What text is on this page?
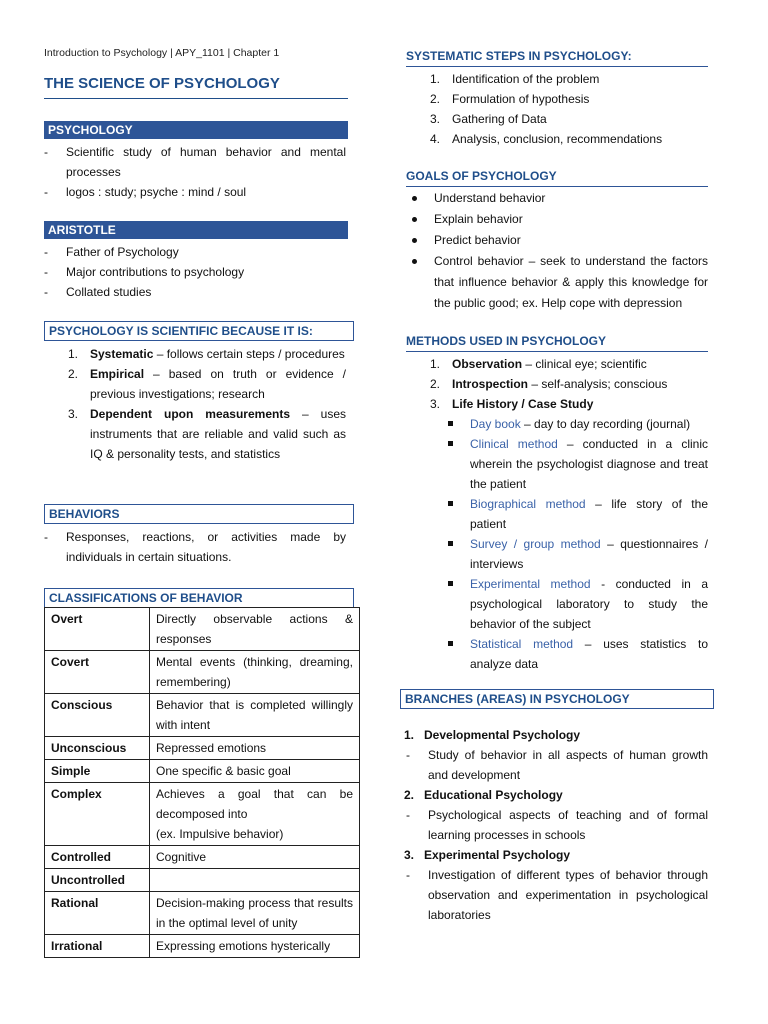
Introduction to Psychology | APY_1101 | Chapter 1
THE SCIENCE OF PSYCHOLOGY
PSYCHOLOGY
- Scientific study of human behavior and mental processes
- logos : study; psyche : mind / soul
ARISTOTLE
- Father of Psychology
- Major contributions to psychology
- Collated studies
PSYCHOLOGY IS SCIENTIFIC BECAUSE IT IS:
1. Systematic – follows certain steps / procedures
2. Empirical – based on truth or evidence / previous investigations; research
3. Dependent upon measurements – uses instruments that are reliable and valid such as IQ & personality tests, and statistics
BEHAVIORS
- Responses, reactions, or activities made by individuals in certain situations.
CLASSIFICATIONS OF BEHAVIOR
Overt	Directly observable actions & responses
Covert	Mental events (thinking, dreaming, remembering)
Conscious	Behavior that is completed willingly with intent
Unconscious	Repressed emotions
Simple	One specific & basic goal
Complex	Achieves a goal that can be decomposed into
(ex. Impulsive behavior)
Controlled	Cognitive
Uncontrolled	
Rational	Decision-making process that results in the optimal level of unity
Irrational	Expressing emotions hysterically
SYSTEMATIC STEPS IN PSYCHOLOGY:
1. Identification of the problem
2. Formulation of hypothesis
3. Gathering of Data
4. Analysis, conclusion, recommendations
GOALS OF PSYCHOLOGY
Understand behavior
Explain behavior
Predict behavior
Control behavior – seek to understand the factors that influence behavior & apply this knowledge for the public good; ex. Help cope with depression
METHODS USED IN PSYCHOLOGY
1. Observation – clinical eye; scientific
2. Introspection – self-analysis; conscious
3. Life History / Case Study
Day book – day to day recording (journal)
Clinical method – conducted in a clinic wherein the psychologist diagnose and treat the patient
Biographical method – life story of the patient
Survey / group method – questionnaires / interviews
Experimental method - conducted in a psychological laboratory to study the behavior of the subject
Statistical method – uses statistics to analyze data
BRANCHES (AREAS) IN PSYCHOLOGY
1. Developmental Psychology
- Study of behavior in all aspects of human growth and development
2. Educational Psychology
- Psychological aspects of teaching and of formal learning processes in schools
3. Experimental Psychology
- Investigation of different types of behavior through observation and experimentation in psychological laboratories
